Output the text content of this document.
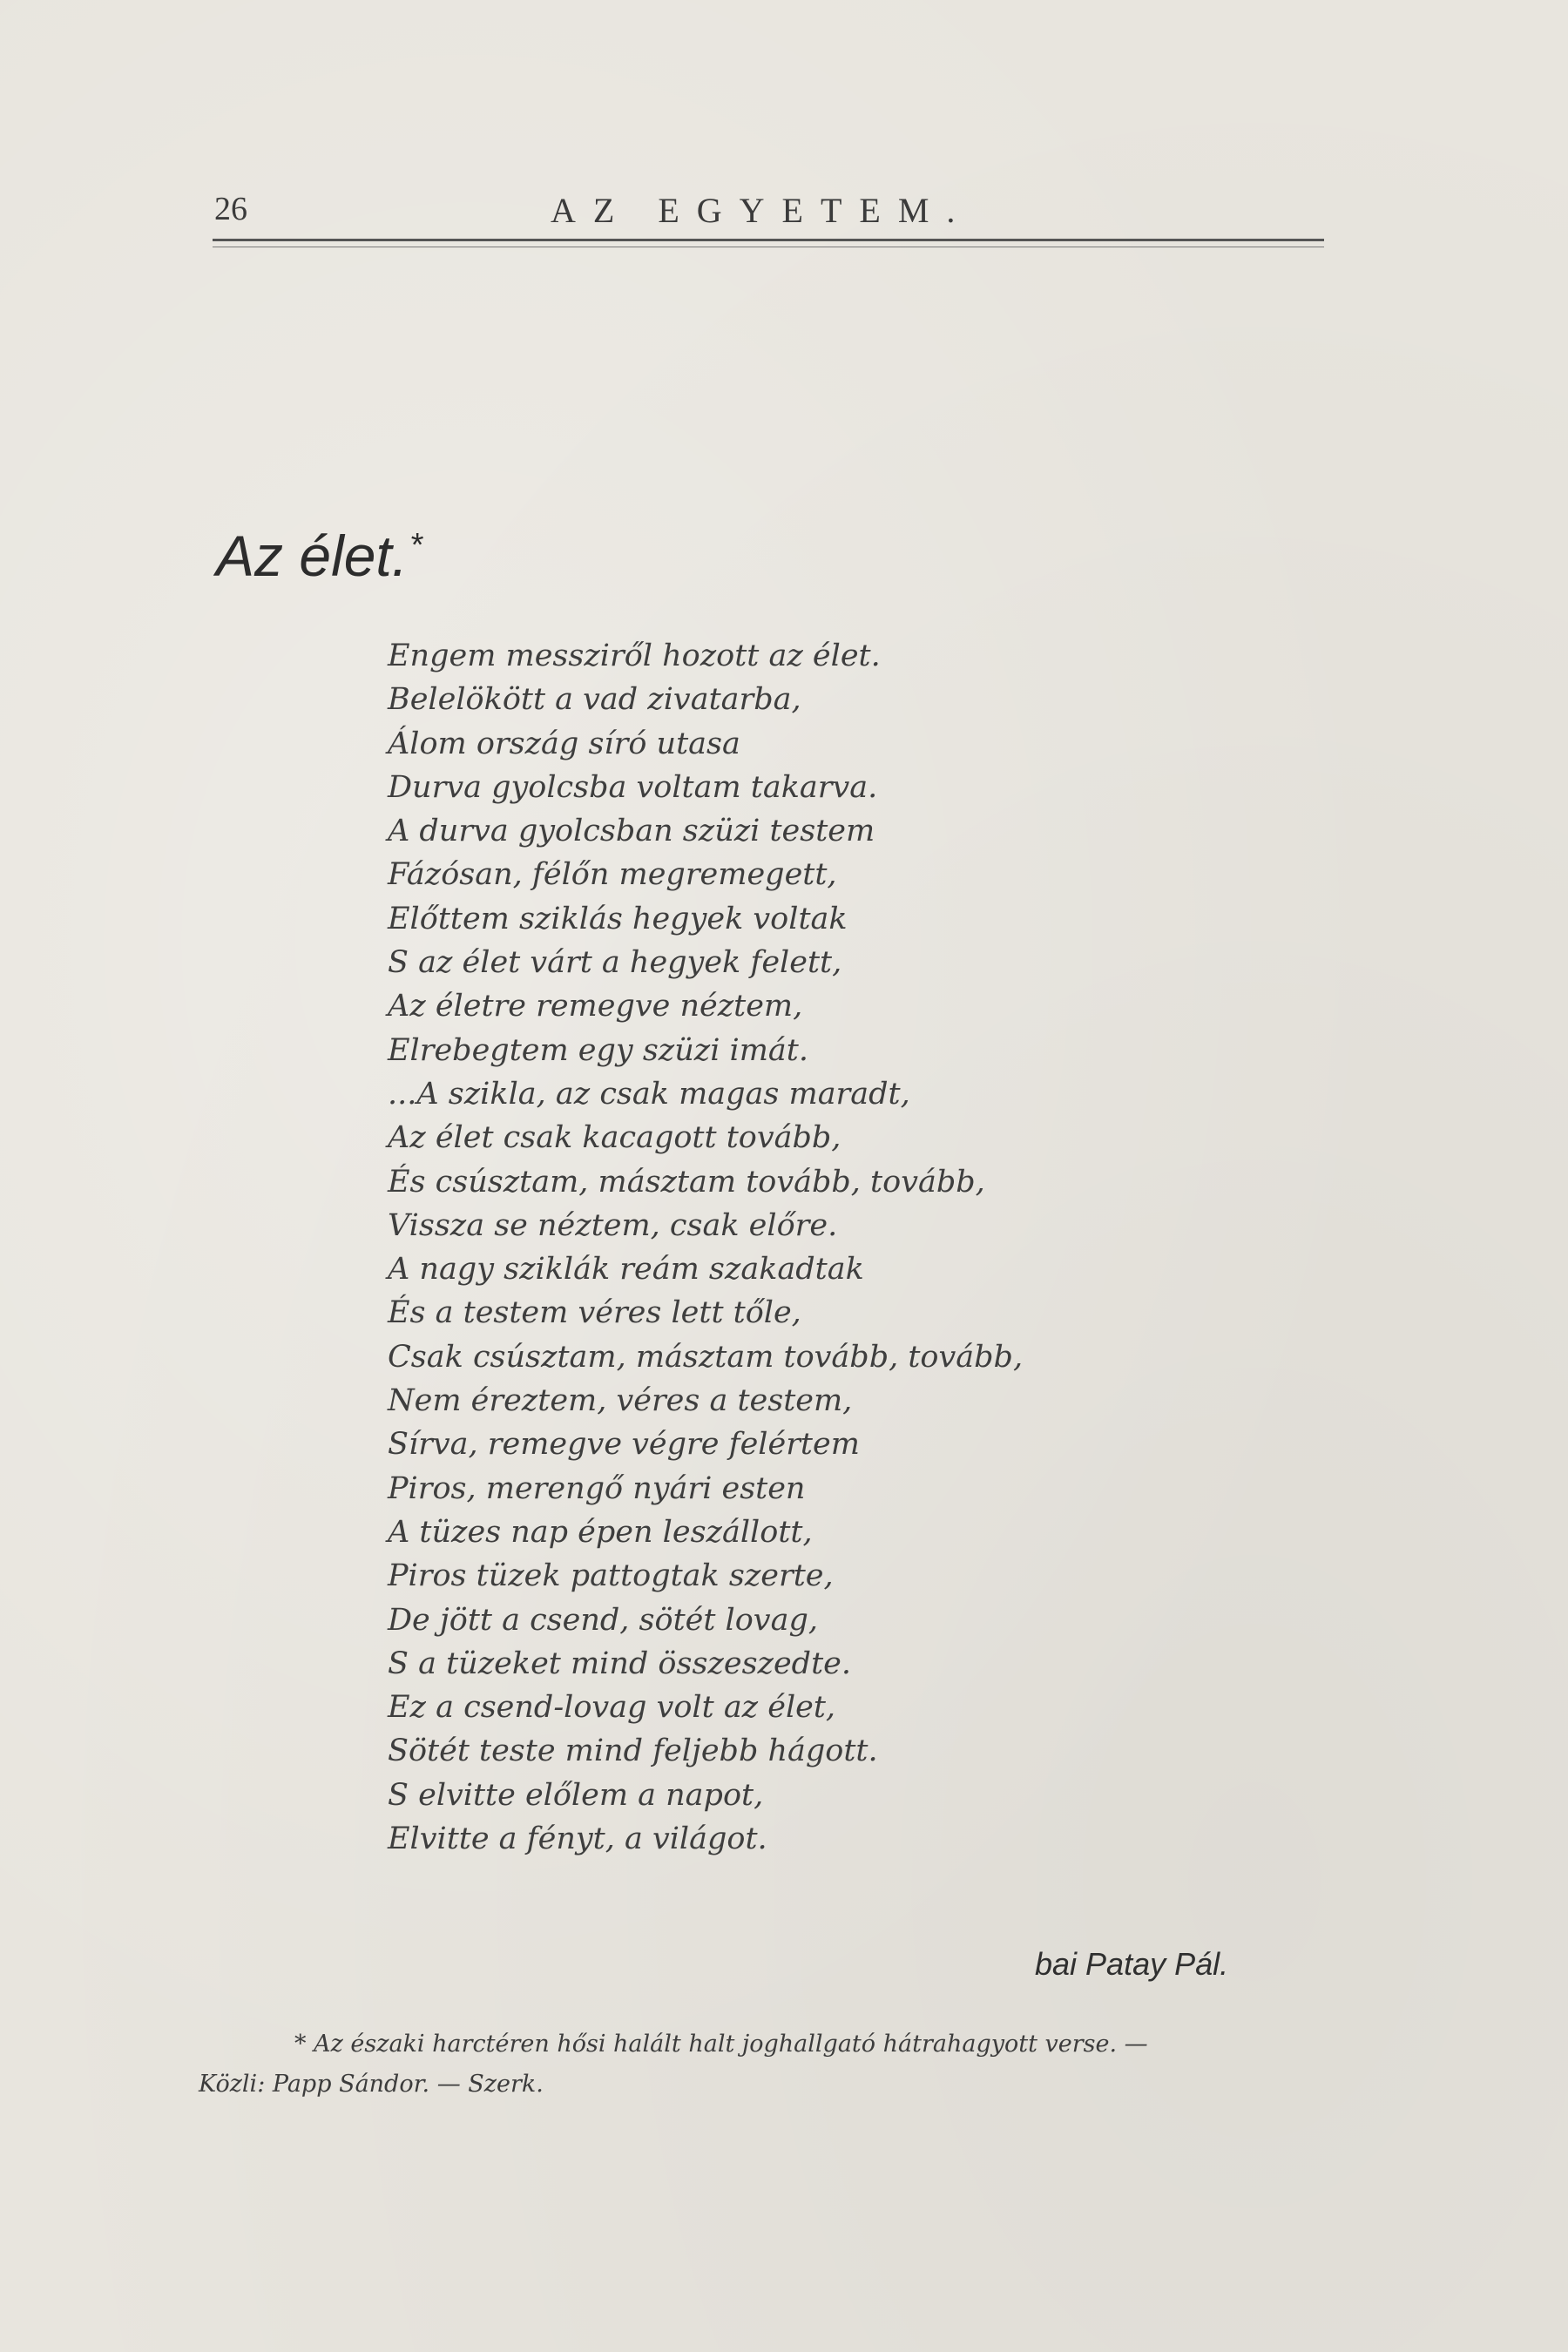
26	AZ EGYETEM.
Az élet.*
Engem messziről hozott az élet.
Belelökött a vad zivatarba,
Álom ország síró utasa
Durva gyolcsba voltam takarva.
A durva gyolcsban szüzi testem
Fázósan, félőn megremegett,
Előttem sziklás hegyek voltak
S az élet várt a hegyek felett,
Az életre remegve néztem,
Elrebegtem egy szüzi imát.
...A szikla, az csak magas maradt,
Az élet csak kacagott tovább,
És csúsztam, másztam tovább, tovább,
Vissza se néztem, csak előre.
A nagy sziklák reám szakadtak
És a testem véres lett tőle,
Csak csúsztam, másztam tovább, tovább,
Nem éreztem, véres a testem,
Sírva, remegve végre felértem
Piros, merengő nyári esten
A tüzes nap épen leszállott,
Piros tüzek pattogtak szerte,
De jött a csend, sötét lovag,
S a tüzeket mind összeszedte.
Ez a csend-lovag volt az élet,
Sötét teste mind feljebb hágott.
S elvitte előlem a napot,
Elvitte a fényt, a világot.
bai Patay Pál.
* Az északi harctéren hősi halált halt joghallgató hátrahagyott verse. —
Közli: Papp Sándor. — Szerk.
